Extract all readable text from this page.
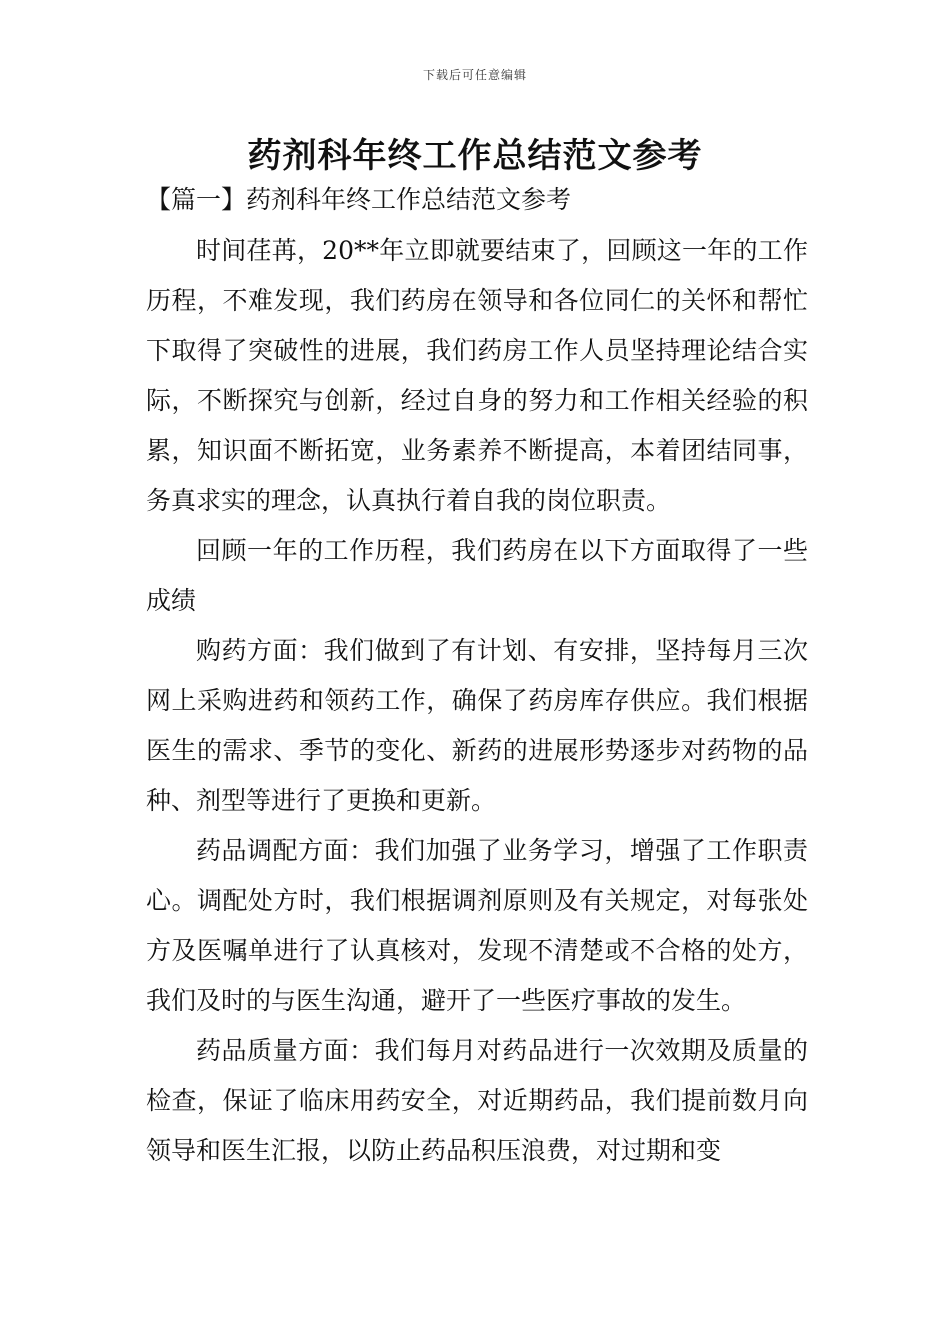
下载后可任意编辑
药剂科年终工作总结范文参考
【篇一】药剂科年终工作总结范文参考

时间荏苒，20**年立即就要结束了，回顾这一年的工作历程，不难发现，我们药房在领导和各位同仁的关怀和帮忙下取得了突破性的进展，我们药房工作人员坚持理论结合实际，不断探究与创新，经过自身的努力和工作相关经验的积累，知识面不断拓宽，业务素养不断提高，本着团结同事，务真求实的理念，认真执行着自我的岗位职责。

回顾一年的工作历程，我们药房在以下方面取得了一些成绩

购药方面：我们做到了有计划、有安排，坚持每月三次网上采购进药和领药工作，确保了药房库存供应。我们根据医生的需求、季节的变化、新药的进展形势逐步对药物的品种、剂型等进行了更换和更新。

药品调配方面：我们加强了业务学习，增强了工作职责心。调配处方时，我们根据调剂原则及有关规定，对每张处方及医嘱单进行了认真核对，发现不清楚或不合格的处方，我们及时的与医生沟通，避开了一些医疗事故的发生。

药品质量方面：我们每月对药品进行一次效期及质量的检查，保证了临床用药安全，对近期药品，我们提前数月向领导和医生汇报，以防止药品积压浪费，对过期和变
